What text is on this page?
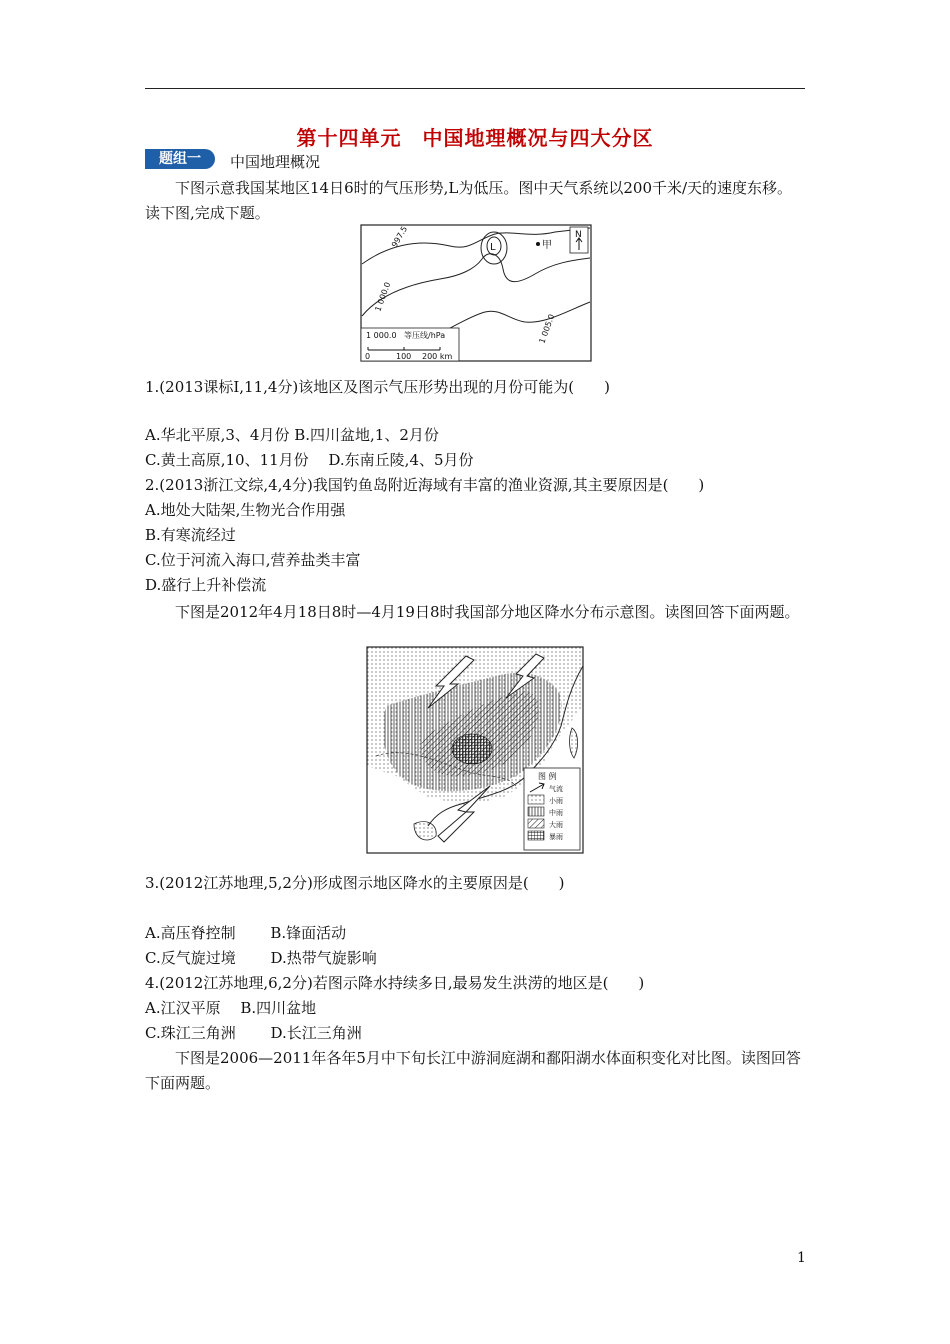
第十四单元　中国地理概况与四大分区
题组一	中国地理概况
下图示意我国某地区14日6时的气压形势,L为低压。图中天气系统以200千米/天的速度东移。读下图,完成下题。
L	甲
997.5
1 000.0
1 005.0
N
1 000.0 等压线/hPa
0	100 200 km
1.(2013课标Ⅰ,11,4分)该地区及图示气压形势出现的月份可能为(　　)
A.华北平原,3、4月份 B.四川盆地,1、2月份
C.黄土高原,10、11月份　 D.东南丘陵,4、5月份
2.(2013浙江文综,4,4分)我国钓鱼岛附近海域有丰富的渔业资源,其主要原因是(　　)
A.地处大陆架,生物光合作用强
B.有寒流经过
C.位于河流入海口,营养盐类丰富
D.盛行上升补偿流
下图是2012年4月18日8时—4月19日8时我国部分地区降水分布示意图。读图回答下面两题。
图 例
气流
小雨
中雨
大雨
暴雨
3.(2012江苏地理,5,2分)形成图示地区降水的主要原因是(　　)
A.高压脊控制　　 B.锋面活动
C.反气旋过境　　 D.热带气旋影响
4.(2012江苏地理,6,2分)若图示降水持续多日,最易发生洪涝的地区是(　　)
A.江汉平原　 B.四川盆地
C.珠江三角洲　　 D.长江三角洲
下图是2006—2011年各年5月中下旬长江中游洞庭湖和鄱阳湖水体面积变化对比图。读图回答下面两题。
1
